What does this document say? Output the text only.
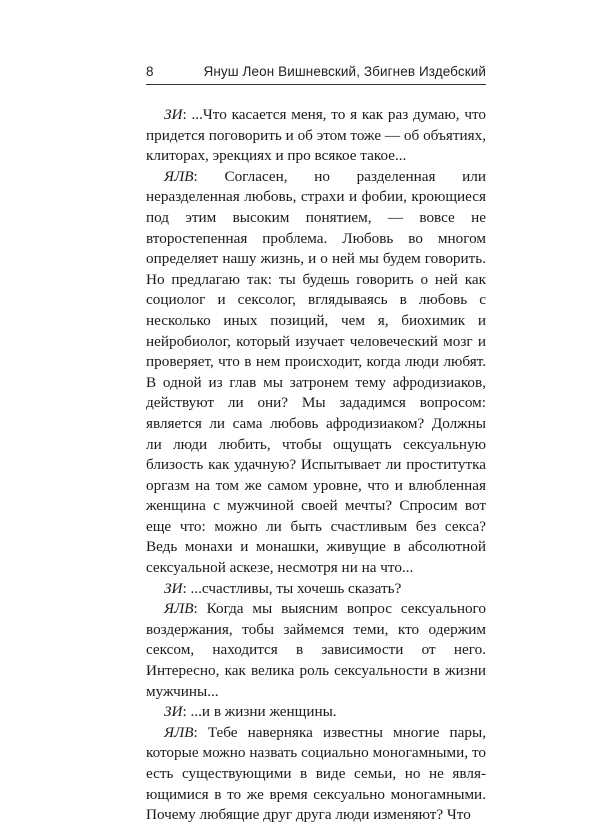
8	Януш Леон Вишневский, Збигнев Издебский

ЗИ: ...Что касается меня, то я как раз думаю, что придется поговорить и об этом тоже — об объятиях, клиторах, эрекциях и про всякое такое...

ЯЛВ: Согласен, но разделенная или неразделенная любовь, страхи и фобии, кроющиеся под этим высоким понятием, — вовсе не второстепенная проблема. Любовь во многом определяет нашу жизнь, и о ней мы будем говорить. Но предлагаю так: ты будешь говорить о ней как социолог и сексолог, вглядываясь в любовь с несколько иных позиций, чем я, биохимик и нейробиолог, который изучает человеческий мозг и проверяет, что в нем происходит, когда люди любят. В одной из глав мы затронем тему афродизиаков, действуют ли они? Мы зададимся вопросом: является ли сама любовь афродизиаком? Должны ли люди любить, чтобы ощущать сексуальную близость как удачную? Испытывает ли проститутка оргазм на том же самом уровне, что и влюбленная женщина с мужчиной своей мечты? Спросим вот еще что: можно ли быть счастливым без секса? Ведь монахи и монашки, живущие в абсолютной сексуальной аскезе, несмотря ни на что...

ЗИ: ...счастливы, ты хочешь сказать?

ЯЛВ: Когда мы выясним вопрос сексуального воздержания, тобы займемся теми, кто одержим сексом, находится в зависимости от него. Интересно, как велика роль сексуальности в жизни мужчины...

ЗИ: ...и в жизни женщины.

ЯЛВ: Тебе наверняка известны многие пары, которые можно назвать социально моногамными, то есть существующими в виде семьи, но не являющимися в то же время сексуально моногамными. Почему любящие друг друга люди изменяют? Что
